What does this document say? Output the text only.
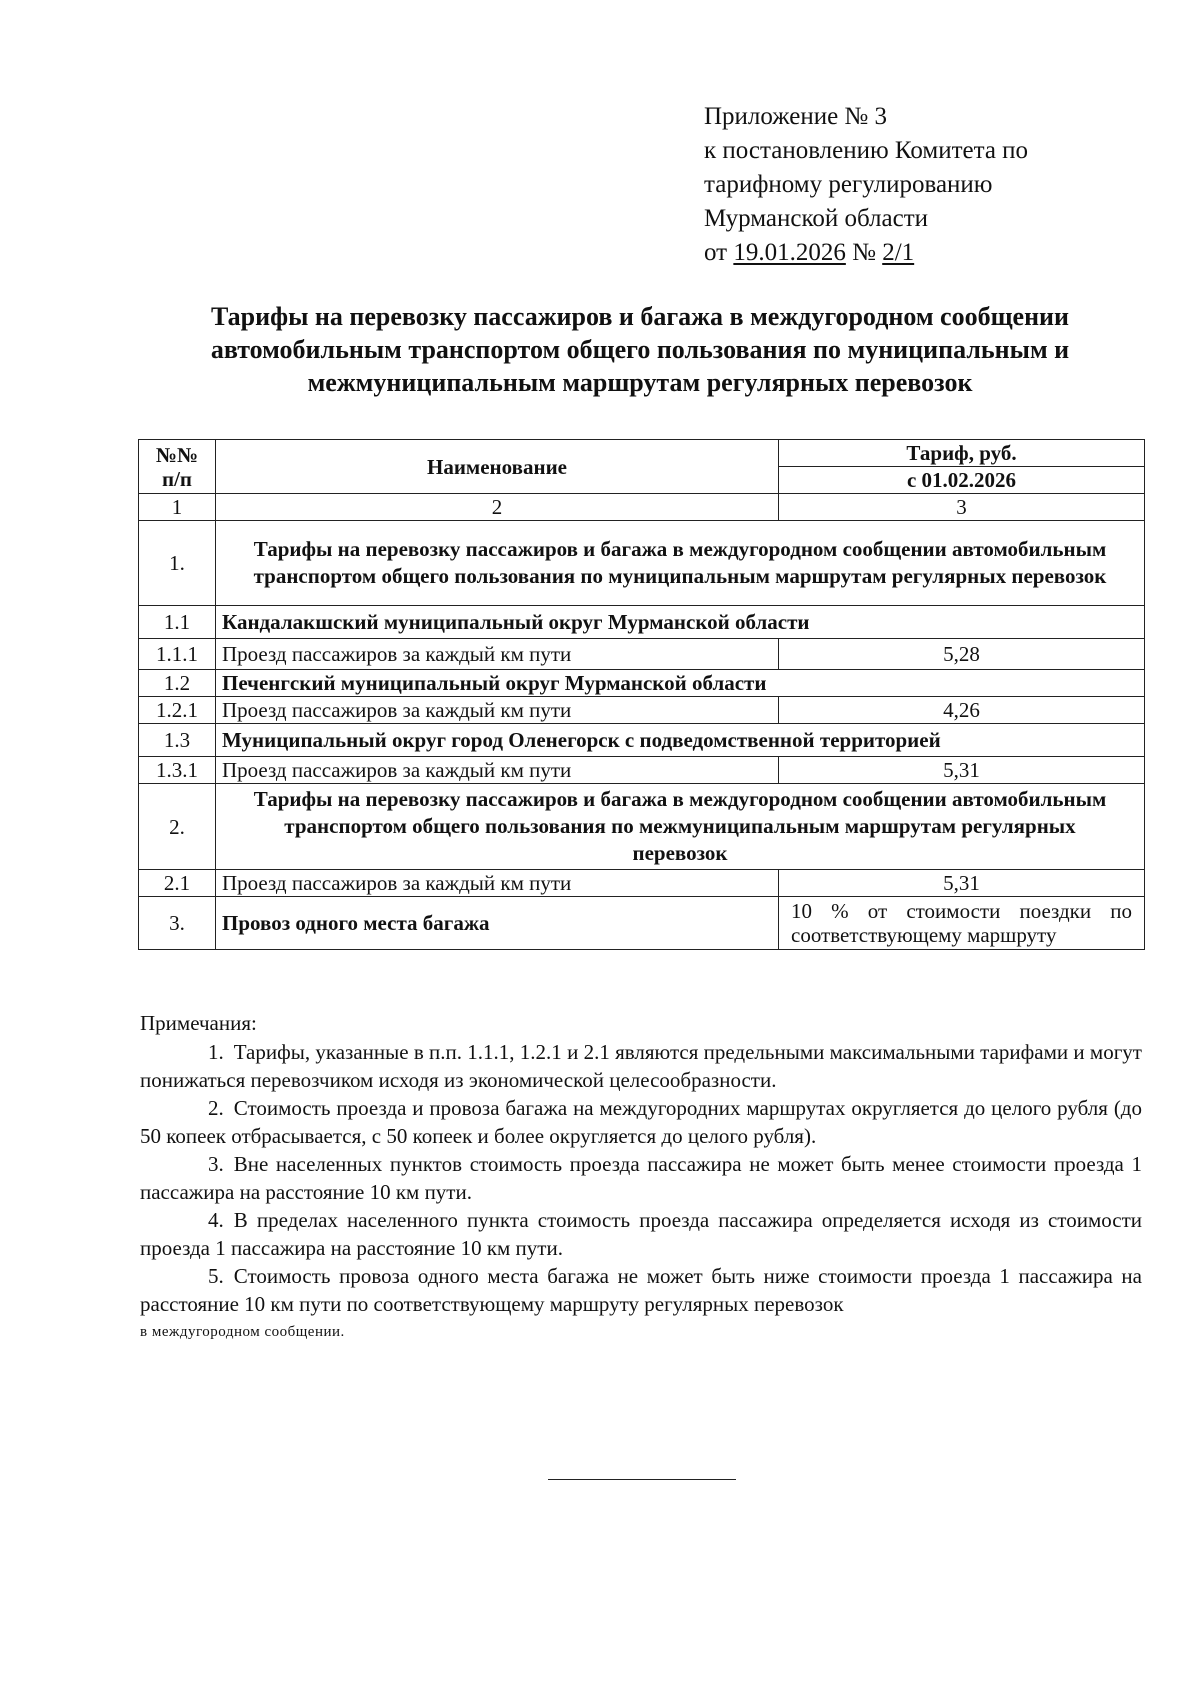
Приложение № 3
к постановлению Комитета по
тарифному регулированию
Мурманской области
от 19.01.2026 № 2/1
Тарифы на перевозку пассажиров и багажа в междугородном сообщении
автомобильным транспортом общего пользования по муниципальным и
межмуниципальным маршрутам регулярных перевозок
№№ п/п	Наименование	Тариф, руб.
		с 01.02.2026
1	2	3
1.	Тарифы на перевозку пассажиров и багажа в междугородном сообщении автомобильным транспортом общего пользования по муниципальным маршрутам регулярных перевозок	
1.1	Кандалакшский муниципальный округ Мурманской области	
1.1.1	Проезд пассажиров за каждый км пути	5,28
1.2	Печенгский муниципальный округ Мурманской области	
1.2.1	Проезд пассажиров за каждый км пути	4,26
1.3	Муниципальный округ город Оленегорск с подведомственной территорией	
1.3.1	Проезд пассажиров за каждый км пути	5,31
2.	Тарифы на перевозку пассажиров и багажа в междугородном сообщении автомобильным транспортом общего пользования по межмуниципальным маршрутам регулярных перевозок	
2.1	Проезд пассажиров за каждый км пути	5,31
3.	Провоз одного места багажа	10 % от стоимости поездки по соответствующему маршруту
Примечания:

1. Тарифы, указанные в п.п. 1.1.1, 1.2.1 и 2.1 являются предельными максимальными тарифами и могут понижаться перевозчиком исходя из экономической целесообразности.

2. Стоимость проезда и провоза багажа на междугородних маршрутах округляется до целого рубля (до 50 копеек отбрасывается, с 50 копеек и более округляется до целого рубля).

3. Вне населенных пунктов стоимость проезда пассажира не может быть менее стоимости проезда 1 пассажира на расстояние 10 км пути.

4. В пределах населенного пункта стоимость проезда пассажира определяется исходя из стоимости проезда 1 пассажира на расстояние 10 км пути.

5. Стоимость провоза одного места багажа не может быть ниже стоимости проезда 1 пассажира на расстояние 10 км пути по соответствующему маршруту регулярных перевозок

в междугородном сообщении.
